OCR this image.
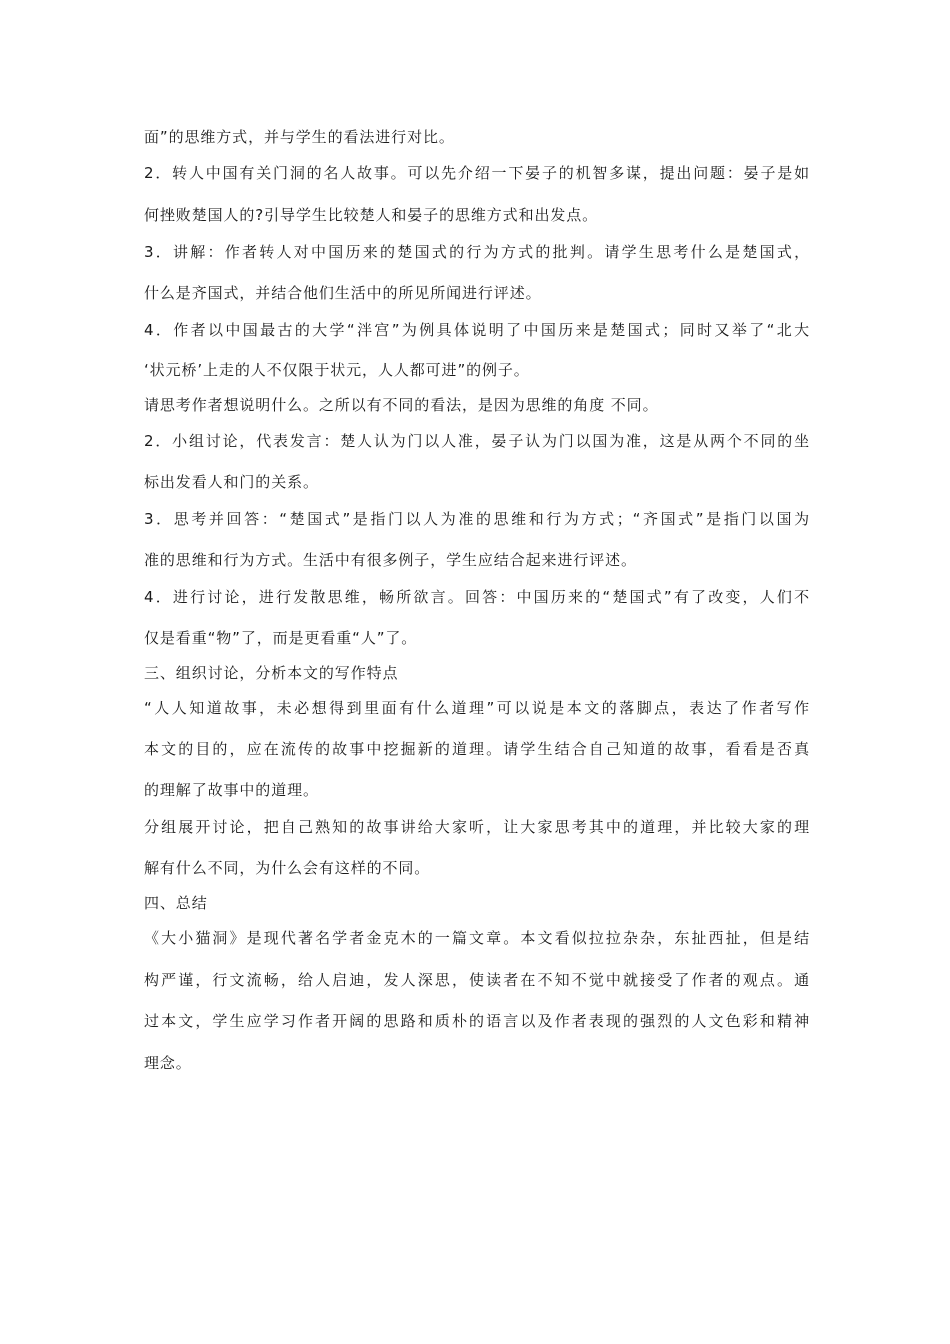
面”的思维方式，并与学生的看法进行对比。
2．转人中国有关门洞的名人故事。可以先介绍一下晏子的机智多谋，提出问题：晏子是如
何挫败楚国人的?引导学生比较楚人和晏子的思维方式和出发点。
3．讲解：作者转人对中国历来的楚国式的行为方式的批判。请学生思考什么是楚国式，
什么是齐国式，并结合他们生活中的所见所闻进行评述。
4．作者以中国最古的大学“泮宫”为例具体说明了中国历来是楚国式；同时又举了“北大
‘状元桥’上走的人不仅限于状元，人人都可进”的例子。
请思考作者想说明什么。之所以有不同的看法，是因为思维的角度 不同。
2．小组讨论，代表发言：楚人认为门以人准，晏子认为门以国为准，这是从两个不同的坐
标出发看人和门的关系。
3．思考并回答：“楚国式”是指门以人为准的思维和行为方式；“齐国式”是指门以国为
准的思维和行为方式。生活中有很多例子，学生应结合起来进行评述。
4．进行讨论，进行发散思维，畅所欲言。回答：中国历来的“楚国式”有了改变，人们不
仅是看重“物”了，而是更看重“人”了。
三、组织讨论，分析本文的写作特点
“人人知道故事，未必想得到里面有什么道理”可以说是本文的落脚点，表达了作者写作
本文的目的，应在流传的故事中挖掘新的道理。请学生结合自己知道的故事，看看是否真
的理解了故事中的道理。
分组展开讨论，把自己熟知的故事讲给大家听，让大家思考其中的道理，并比较大家的理
解有什么不同，为什么会有这样的不同。
四、总结
《大小猫洞》是现代著名学者金克木的一篇文章。本文看似拉拉杂杂，东扯西扯，但是结
构严谨，行文流畅，给人启迪，发人深思，使读者在不知不觉中就接受了作者的观点。通
过本文，学生应学习作者开阔的思路和质朴的语言以及作者表现的强烈的人文色彩和精神
理念。
